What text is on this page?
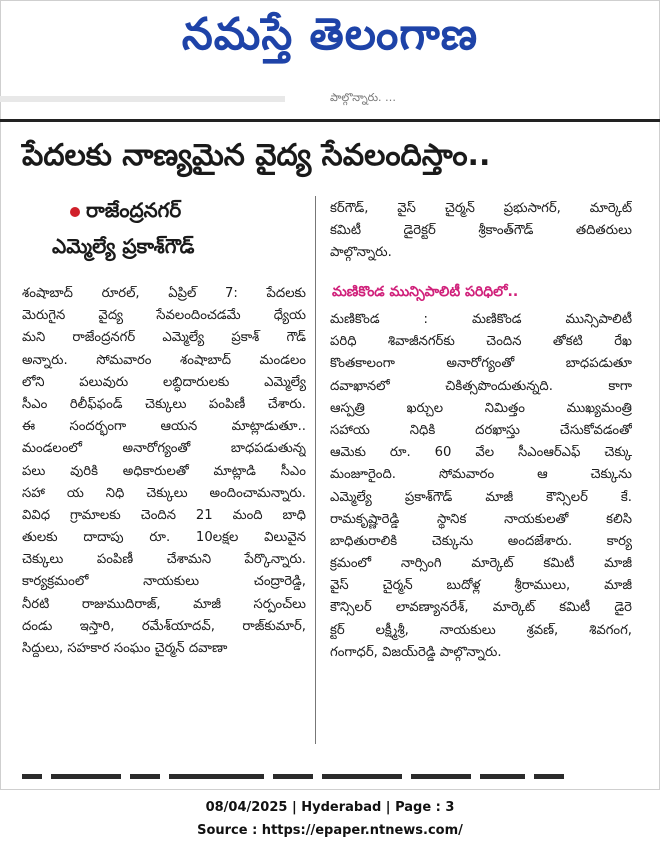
నమస్తే తెలంగాణ
పాల్గొన్నారు. …
పేదలకు నాణ్యమైన వైద్య సేవలందిస్తాం..
రాజేంద్రనగర్
ఎమ్మెల్యే ప్రకాశ్‌గౌడ్
శంషాబాద్ రూరల్, ఏప్రిల్ 7: పేదలకు
మెరుగైన వైద్య సేవలందించడమే ధ్యేయ
మని రాజేంద్రనగర్ ఎమ్మెల్యే ప్రకాశ్ గౌడ్
అన్నారు. సోమవారం శంషాబాద్ మండలం
లోని పలువురు లబ్ధిదారులకు ఎమ్మెల్యే
సీఎం రిలీఫ్‌ఫండ్ చెక్కులు పంపిణీ చేశారు.
ఈ సందర్భంగా ఆయన మాట్లాడుతూ..
మండలంలో అనారోగ్యంతో బాధపడుతున్న
పలు వురికి అధికారులతో మాట్లాడి సీఎం
సహా య నిధి చెక్కులు అందించామన్నారు.
వివిధ గ్రామాలకు చెందిన 21 మంది బాధి
తులకు దాదాపు రూ. 10లక్షల విలువైన
చెక్కులు పంపిణీ చేశామని పేర్కొన్నారు.
కార్యక్రమంలో నాయకులు చంద్రారెడ్డి,
నీరటి రాజుముదిరాజ్, మాజీ సర్పంచ్‌లు
దండు ఇస్తారి, రమేశ్‌యాదవ్, రాజ్‌కుమార్,
సిద్దులు, సహకార సంఘం చైర్మన్ దవాణా
కర్‌గౌడ్, వైస్ చైర్మన్ ప్రభుసాగర్, మార్కెట్
కమిటీ డైరెక్టర్ శ్రీకాంత్‌గౌడ్ తదితరులు
పాల్గొన్నారు.
మణికొండ మున్సిపాలిటీ పరిధిలో..
మణికొండ : మణికొండ మున్సిపాలిటీ
పరిధి శివాజీనగర్‌కు చెందిన తోకటి రేఖ
కొంతకాలంగా అనారోగ్యంతో బాధపడుతూ
దవాఖానలో చికిత్సపొందుతున్నది. కాగా
ఆస్పత్రి ఖర్చుల నిమిత్తం ముఖ్యమంత్రి
సహాయ నిధికి దరఖాస్తు చేసుకోవడంతో
ఆమెకు రూ. 60 వేల సీఎంఆర్ఎఫ్ చెక్కు
మంజూరైంది. సోమవారం ఆ చెక్కును
ఎమ్మెల్యే ప్రకాశ్‌గౌడ్ మాజీ కౌన్సిలర్ కే.
రామకృష్ణారెడ్డి స్థానిక నాయకులతో కలిసి
బాధితురాలికి చెక్కును అందజేశారు. కార్య
క్రమంలో నార్సింగి మార్కెట్ కమిటీ మాజీ
వైస్ చైర్మన్ బుదోళ్ల శ్రీరాములు, మాజీ
కౌన్సిలర్ లావణ్యానరేశ్, మార్కెట్ కమిటీ డైరె
క్టర్ లక్ష్మీశ్రీ, నాయకులు శ్రవణ్, శివగంగ,
గంగాధర్, విజయ్‌రెడ్డి పాల్గొన్నారు.
08/04/2025 | Hyderabad | Page : 3
Source : https://epaper.ntnews.com/
